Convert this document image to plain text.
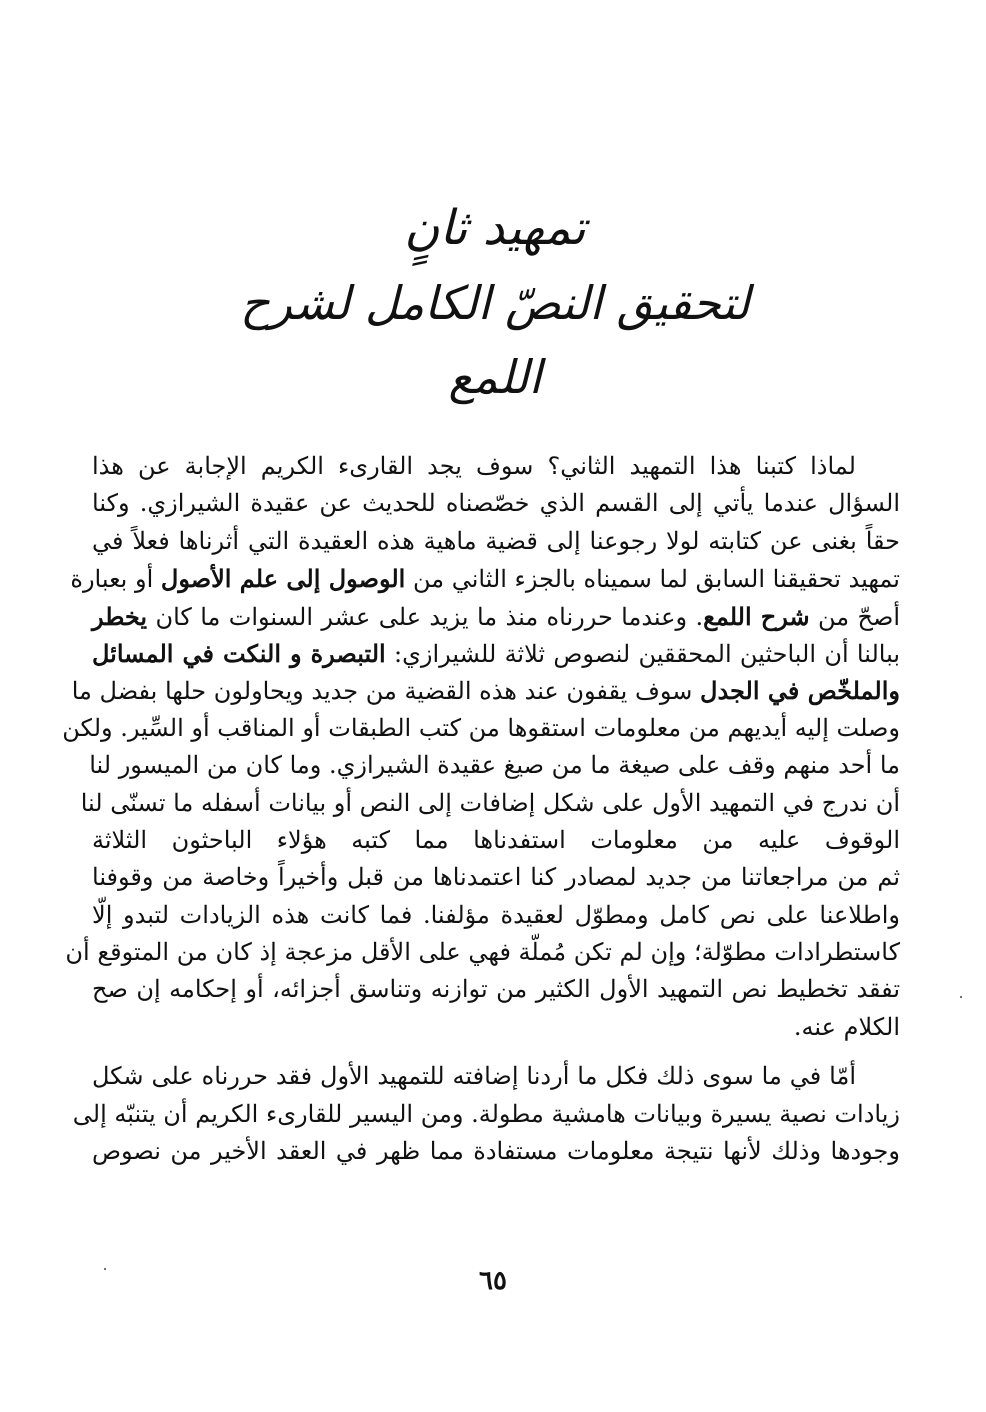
تمهيد ثانٍ
لتحقيق النصّ الكامل لشرح اللمع
لماذا كتبنا هذا التمهيد الثاني؟ سوف يجد القارىء الكريم الإجابة عن هذا
السؤال عندما يأتي إلى القسم الذي خصّصناه للحديث عن عقيدة الشيرازي. وكنا
حقاً بغنى عن كتابته لولا رجوعنا إلى قضية ماهية هذه العقيدة التي أثرناها فعلاً في
تمهيد تحقيقنا السابق لما سميناه بالجزء الثاني من الوصول إلى علم الأصول أو بعبارة
أصحّ من شرح اللمع. وعندما حررناه منذ ما يزيد على عشر السنوات ما كان يخطر
ببالنا أن الباحثين المحققين لنصوص ثلاثة للشيرازي: التبصرة و النكت في المسائل
والملخّص في الجدل سوف يقفون عند هذه القضية من جديد ويحاولون حلها بفضل ما
وصلت إليه أيديهم من معلومات استقوها من كتب الطبقات أو المناقب أو السِّير. ولكن
ما أحد منهم وقف على صيغة ما من صيغ عقيدة الشيرازي. وما كان من الميسور لنا
أن ندرج في التمهيد الأول على شكل إضافات إلى النص أو بيانات أسفله ما تسنّى لنا
الوقوف عليه من معلومات استفدناها مما كتبه هؤلاء الباحثون الثلاثة
ثم من مراجعاتنا من جديد لمصادر كنا اعتمدناها من قبل وأخيراً وخاصة من وقوفنا
واطلاعنا على نص كامل ومطوّل لعقيدة مؤلفنا. فما كانت هذه الزيادات لتبدو إلّا
كاستطرادات مطوّلة؛ وإن لم تكن مُملّة فهي على الأقل مزعجة إذ كان من المتوقع أن
تفقد تخطيط نص التمهيد الأول الكثير من توازنه وتناسق أجزائه، أو إحكامه إن صح
الكلام عنه.
أمّا في ما سوى ذلك فكل ما أردنا إضافته للتمهيد الأول فقد حررناه على شكل
زيادات نصية يسيرة وبيانات هامشية مطولة. ومن اليسير للقارىء الكريم أن يتنبّه إلى
وجودها وذلك لأنها نتيجة معلومات مستفادة مما ظهر في العقد الأخير من نصوص
٦٥
